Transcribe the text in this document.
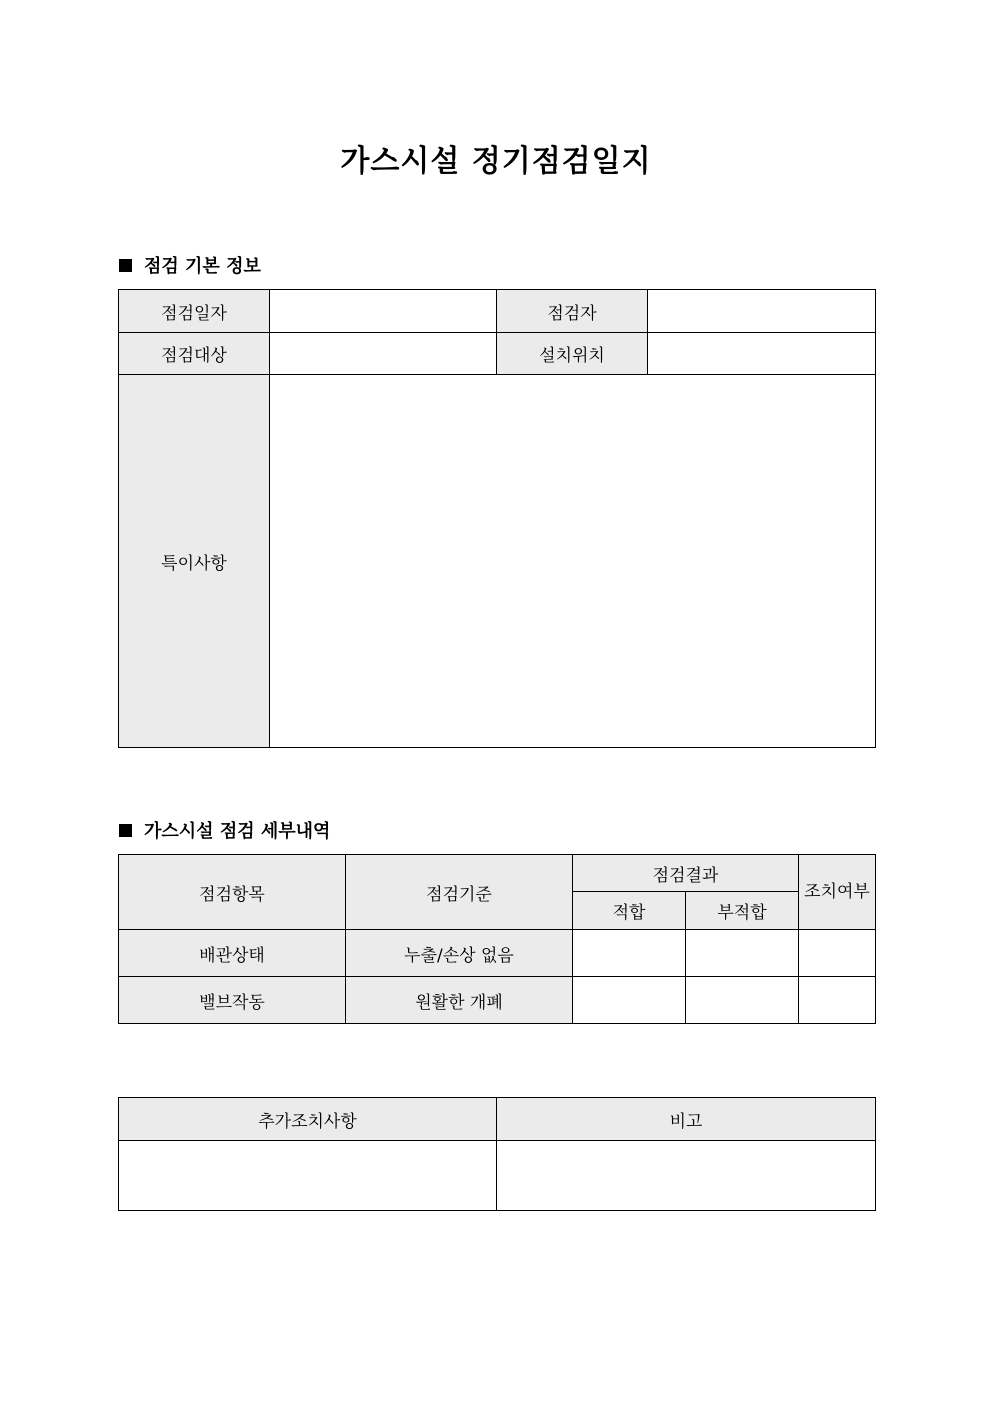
가스시설 정기점검일지
점검 기본 정보
점검일자		점검자	
점검대상		설치위치	
특이사항			
가스시설 점검 세부내역
점검항목	점검기준	점검결과		조치여부
		적합	부적합	
배관상태	누출/손상 없음			
밸브작동	원활한 개폐			
추가조치사항	비고
